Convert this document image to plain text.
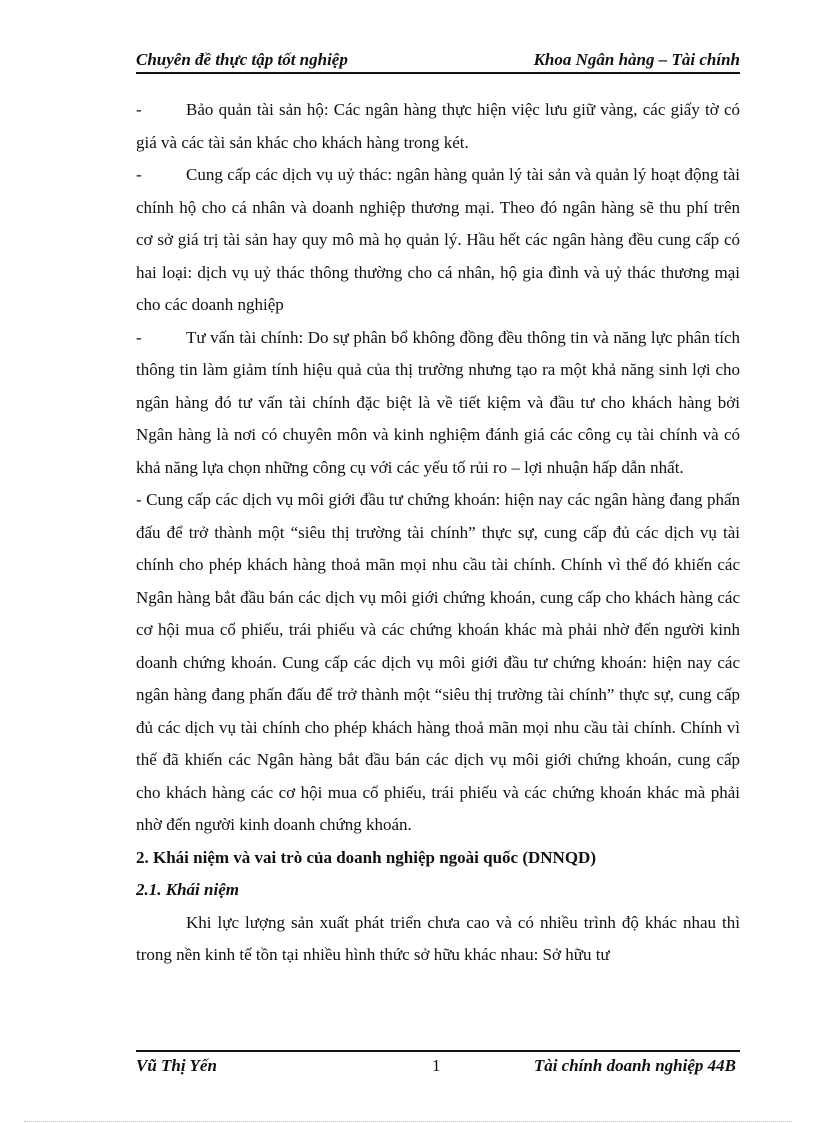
Chuyên đề thực tập tốt nghiệp	Khoa Ngân hàng – Tài chính

-	Bảo quản tài sản hộ: Các ngân hàng thực hiện việc lưu giữ vàng, các giấy tờ có giá và các tài sản khác cho khách hàng trong két.

-	Cung cấp các dịch vụ uỷ thác: ngân hàng quản lý tài sản và quản lý hoạt động tài chính hộ cho cá nhân và doanh nghiệp thương mại. Theo đó ngân hàng sẽ thu phí trên cơ sở giá trị tài sản hay quy mô mà họ quản lý. Hầu hết các ngân hàng đều cung cấp có hai loại: dịch vụ uỷ thác thông thường cho cá nhân, hộ gia đình và uỷ thác thương mại cho các doanh nghiệp

-	Tư vấn tài chính: Do sự phân bổ không đồng đều thông tin và năng lực phân tích thông tin làm giảm tính hiệu quả của thị trường nhưng tạo ra một khả năng sinh lợi cho ngân hàng đó tư vấn tài chính đặc biệt là về tiết kiệm và đầu tư cho khách hàng bởi Ngân hàng là nơi có chuyên môn và kinh nghiệm đánh giá các công cụ tài chính và có khả năng lựa chọn những công cụ với các yếu tố rủi ro – lợi nhuận hấp dẫn nhất.

- Cung cấp các dịch vụ môi giới đầu tư chứng khoán: hiện nay các ngân hàng đang phấn đấu để trở thành một “siêu thị trường tài chính” thực sự, cung cấp đủ các dịch vụ tài chính cho phép khách hàng thoả mãn mọi nhu cầu tài chính. Chính vì thế đó khiến các Ngân hàng bắt đầu bán các dịch vụ môi giới chứng khoán, cung cấp cho khách hàng các cơ hội mua cổ phiếu, trái phiếu và các chứng khoán khác mà phải nhờ đến người kinh doanh chứng khoán. Cung cấp các dịch vụ môi giới đầu tư chứng khoán: hiện nay các ngân hàng đang phấn đấu để trở thành một “siêu thị trường tài chính” thực sự, cung cấp đủ các dịch vụ tài chính cho phép khách hàng thoả mãn mọi nhu cầu tài chính. Chính vì thế đã khiến các Ngân hàng bắt đầu bán các dịch vụ môi giới chứng khoán, cung cấp cho khách hàng các cơ hội mua cổ phiếu, trái phiếu và các chứng khoán khác mà phải nhờ đến người kinh doanh chứng khoán.

2. Khái niệm và vai trò của doanh nghiệp ngoài quốc (DNNQD)

2.1. Khái niệm

Khi lực lượng sản xuất phát triển chưa cao và có nhiều trình độ khác nhau thì trong nền kinh tế tồn tại nhiều hình thức sở hữu khác nhau: Sở hữu tư

Vũ Thị Yến	1	Tài chính doanh nghiệp 44B
